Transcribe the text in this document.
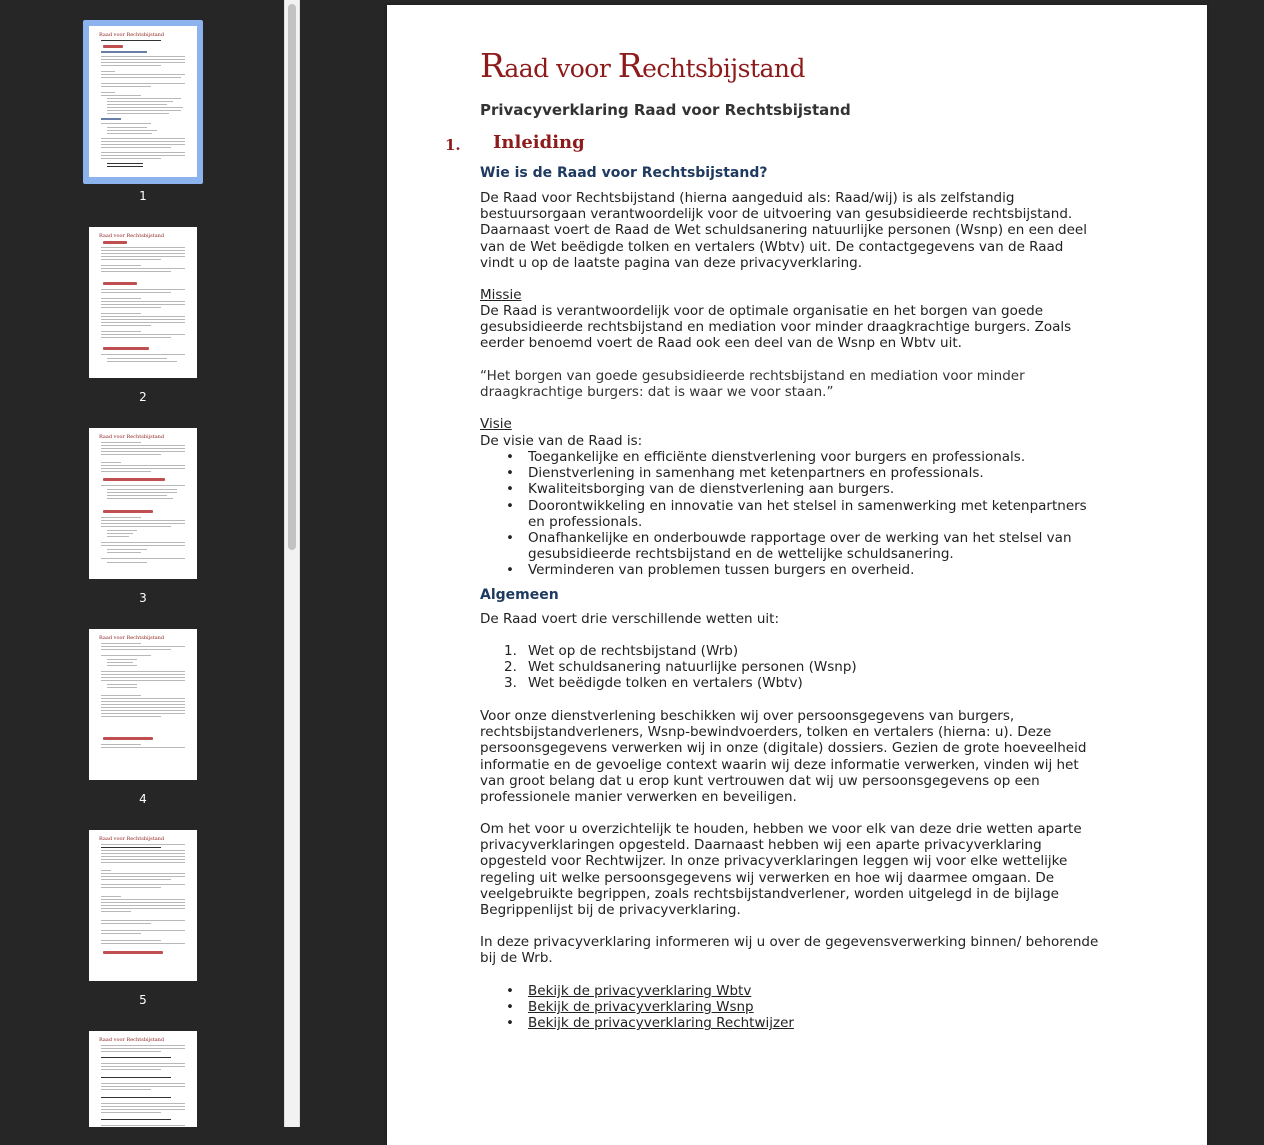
Raad voor Rechtsbijstand
1
Raad voor Rechtsbijstand
2
Raad voor Rechtsbijstand
3
Raad voor Rechtsbijstand
4
Raad voor Rechtsbijstand
5
Raad voor Rechtsbijstand
Raad voor Rechtsbijstand
Privacyverklaring Raad voor Rechtsbijstand
1. Inleiding
Wie is de Raad voor Rechtsbijstand?
De Raad voor Rechtsbijstand (hierna aangeduid als: Raad/wij) is als zelfstandig bestuursorgaan verantwoordelijk voor de uitvoering van gesubsidieerde rechtsbijstand. Daarnaast voert de Raad de Wet schuldsanering natuurlijke personen (Wsnp) en een deel van de Wet beëdigde tolken en vertalers (Wbtv) uit. De contactgegevens van de Raad vindt u op de laatste pagina van deze privacyverklaring.
Missie
De Raad is verantwoordelijk voor de optimale organisatie en het borgen van goede gesubsidieerde rechtsbijstand en mediation voor minder draagkrachtige burgers. Zoals eerder benoemd voert de Raad ook een deel van de Wsnp en Wbtv uit.
“Het borgen van goede gesubsidieerde rechtsbijstand en mediation voor minder draagkrachtige burgers: dat is waar we voor staan.”
Visie
De visie van de Raad is:
• Toegankelijke en efficiënte dienstverlening voor burgers en professionals.
• Dienstverlening in samenhang met ketenpartners en professionals.
• Kwaliteitsborging van de dienstverlening aan burgers.
• Doorontwikkeling en innovatie van het stelsel in samenwerking met ketenpartners en professionals.
• Onafhankelijke en onderbouwde rapportage over de werking van het stelsel van gesubsidieerde rechtsbijstand en de wettelijke schuldsanering.
• Verminderen van problemen tussen burgers en overheid.
Algemeen
De Raad voert drie verschillende wetten uit:
1. Wet op de rechtsbijstand (Wrb)
2. Wet schuldsanering natuurlijke personen (Wsnp)
3. Wet beëdigde tolken en vertalers (Wbtv)
Voor onze dienstverlening beschikken wij over persoonsgegevens van burgers, rechtsbijstandverleners, Wsnp-bewindvoerders, tolken en vertalers (hierna: u). Deze persoonsgegevens verwerken wij in onze (digitale) dossiers. Gezien de grote hoeveelheid informatie en de gevoelige context waarin wij deze informatie verwerken, vinden wij het van groot belang dat u erop kunt vertrouwen dat wij uw persoonsgegevens op een professionele manier verwerken en beveiligen.
Om het voor u overzichtelijk te houden, hebben we voor elk van deze drie wetten aparte privacyverklaringen opgesteld. Daarnaast hebben wij een aparte privacyverklaring opgesteld voor Rechtwijzer. In onze privacyverklaringen leggen wij voor elke wettelijke regeling uit welke persoonsgegevens wij verwerken en hoe wij daarmee omgaan. De veelgebruikte begrippen, zoals rechtsbijstandverlener, worden uitgelegd in de bijlage Begrippenlijst bij de privacyverklaring.
In deze privacyverklaring informeren wij u over de gegevensverwerking binnen/ behorende bij de Wrb.
• Bekijk de privacyverklaring Wbtv
• Bekijk de privacyverklaring Wsnp
• Bekijk de privacyverklaring Rechtwijzer
